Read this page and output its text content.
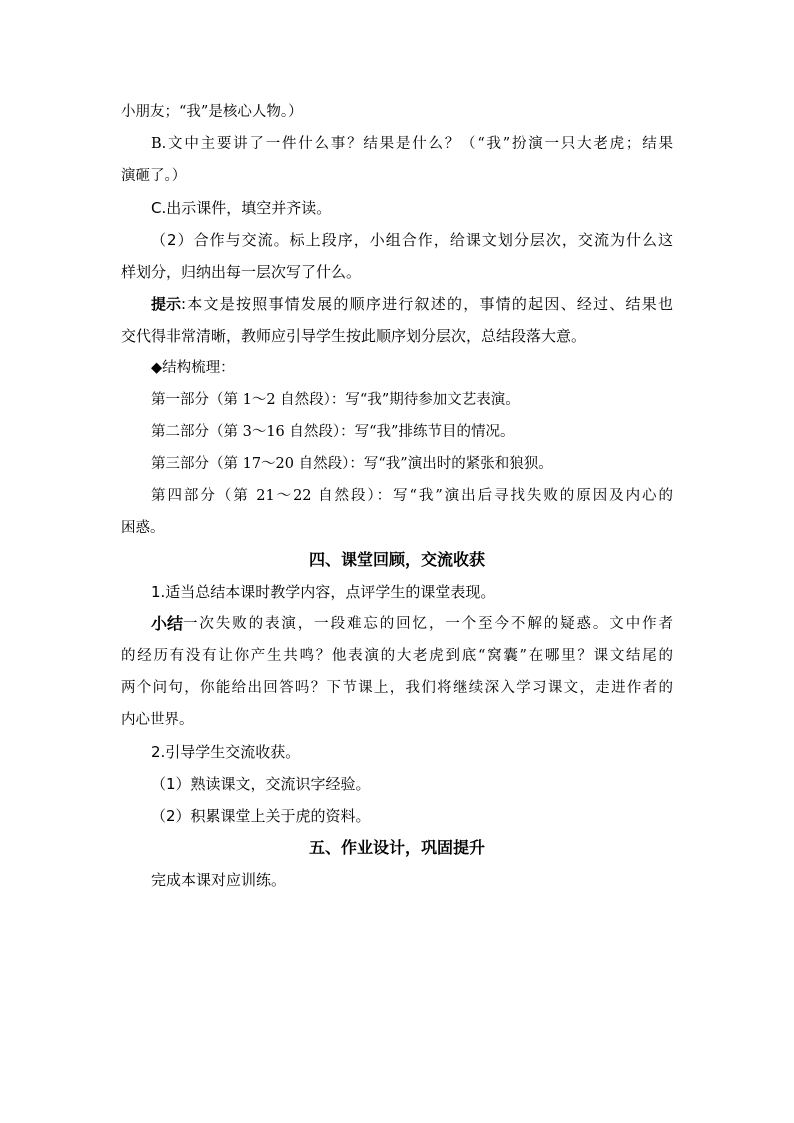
小朋友；“我”是核心人物。）

B.文中主要讲了一件什么事？结果是什么？（“我”扮演一只大老虎；结果

演砸了。）

C.出示课件，填空并齐读。

（2）合作与交流。标上段序，小组合作，给课文划分层次，交流为什么这

样划分，归纳出每一层次写了什么。

提示 :本文是按照事情发展的顺序进行叙述的，事情的起因、经过、结果也

交代得非常清晰，教师应引导学生按此顺序划分层次，总结段落大意。

◆结构梳理：

第一部分（第 1～2 自然段）：写“我”期待参加文艺表演。

第二部分（第 3～16 自然段）：写“我”排练节目的情况。

第三部分（第 17～20 自然段）：写“我”演出时的紧张和狼狈。

第四部分（第 21～22 自然段）：写“我”演出后寻找失败的原因及内心的

困惑。

四、课堂回顾，交流收获

1.适当总结本课时教学内容，点评学生的课堂表现。

小结 一次失败的表演，一段难忘的回忆，一个至今不解的疑惑。文中作者

的经历有没有让你产生共鸣？他表演的大老虎到底“窝囊”在哪里？课文结尾的

两个问句，你能给出回答吗？下节课上，我们将继续深入学习课文，走进作者的

内心世界。

2.引导学生交流收获。

（1）熟读课文，交流识字经验。

（2）积累课堂上关于虎的资料。

五、作业设计，巩固提升

完成本课对应训练。
